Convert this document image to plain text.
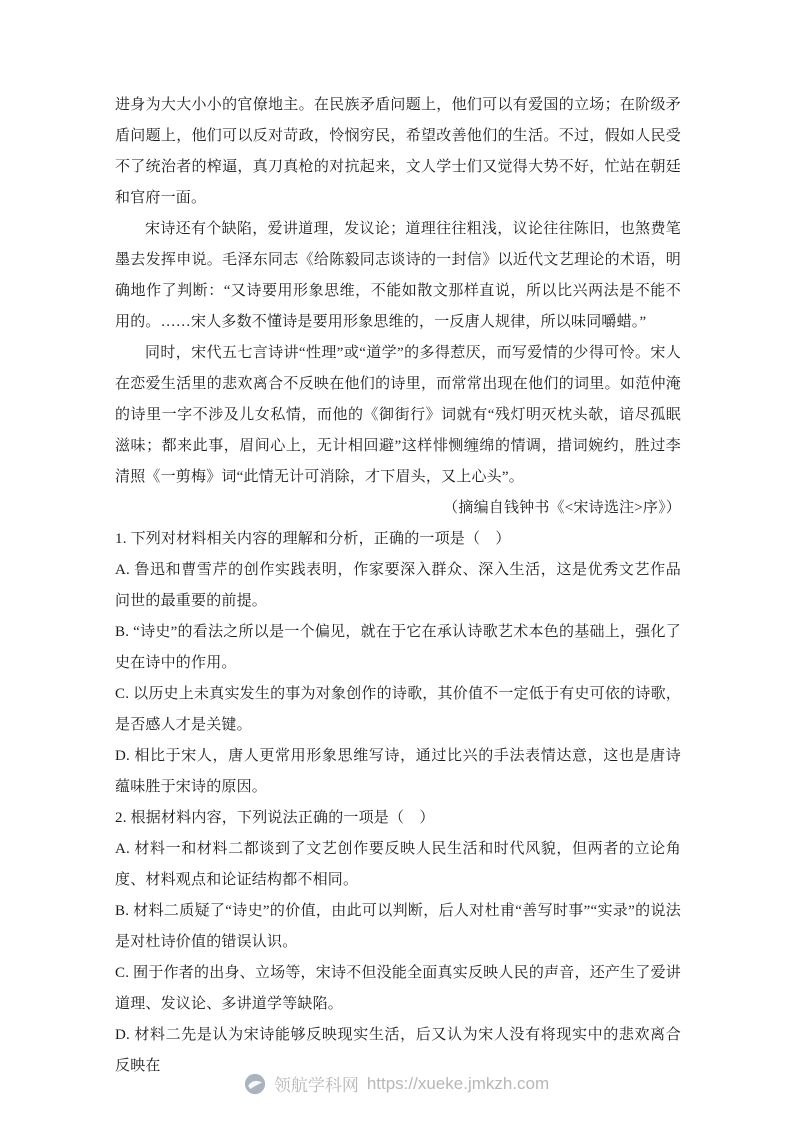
进身为大大小小的官僚地主。在民族矛盾问题上，他们可以有爱国的立场；在阶级矛盾问题上，他们可以反对苛政，怜悯穷民，希望改善他们的生活。不过，假如人民受不了统治者的榨逼，真刀真枪的对抗起来，文人学士们又觉得大势不好，忙站在朝廷和官府一面。

宋诗还有个缺陷，爱讲道理，发议论；道理往往粗浅，议论往往陈旧，也煞费笔墨去发挥申说。毛泽东同志《给陈毅同志谈诗的一封信》以近代文艺理论的术语，明确地作了判断：“又诗要用形象思维，不能如散文那样直说，所以比兴两法是不能不用的。……宋人多数不懂诗是要用形象思维的，一反唐人规律，所以味同嚼蜡。”

同时，宋代五七言诗讲“性理”或“道学”的多得惹厌，而写爱情的少得可怜。宋人在恋爱生活里的悲欢离合不反映在他们的诗里，而常常出现在他们的词里。如范仲淹的诗里一字不涉及儿女私情，而他的《御街行》词就有“残灯明灭枕头欹，谙尽孤眠滋味；都来此事，眉间心上，无计相回避”这样悱恻缠绵的情调，措词婉约，胜过李清照《一剪梅》词“此情无计可消除，才下眉头，又上心头”。

（摘编自钱钟书《<宋诗选注>序》）

1. 下列对材料相关内容的理解和分析，正确的一项是（　）

A. 鲁迅和曹雪芹的创作实践表明，作家要深入群众、深入生活，这是优秀文艺作品问世的最重要的前提。

B. “诗史”的看法之所以是一个偏见，就在于它在承认诗歌艺术本色的基础上，强化了史在诗中的作用。

C. 以历史上未真实发生的事为对象创作的诗歌，其价值不一定低于有史可依的诗歌，是否感人才是关键。

D. 相比于宋人，唐人更常用形象思维写诗，通过比兴的手法表情达意，这也是唐诗蕴味胜于宋诗的原因。

2. 根据材料内容，下列说法正确的一项是（　）

A. 材料一和材料二都谈到了文艺创作要反映人民生活和时代风貌，但两者的立论角度、材料观点和论证结构都不相同。

B. 材料二质疑了“诗史”的价值，由此可以判断，后人对杜甫“善写时事”“实录”的说法是对杜诗价值的错误认识。

C. 囿于作者的出身、立场等，宋诗不但没能全面真实反映人民的声音，还产生了爱讲道理、发议论、多讲道学等缺陷。

D. 材料二先是认为宋诗能够反映现实生活，后又认为宋人没有将现实中的悲欢离合反映在

领航学科网 https://xueke.jmkzh.com
